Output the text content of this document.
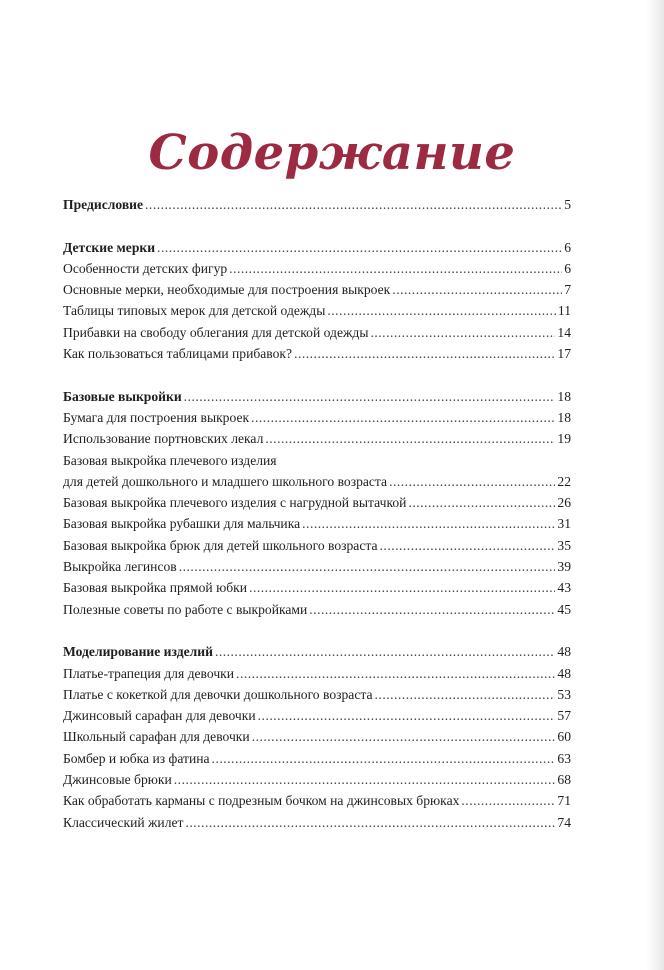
Содержание
Предисловие .....	5
Детские мерки .....	6
Особенности детских фигур .....	6
Основные мерки, необходимые для построения выкроек .....	7
Таблицы типовых мерок для детской одежды .....	11
Прибавки на свободу облегания для детской одежды .....	14
Как пользоваться таблицами прибавок? .....	17
Базовые выкройки .....	18
Бумага для построения выкроек .....	18
Использование портновских лекал .....	19
Базовая выкройка плечевого изделия
для детей дошкольного и младшего школьного возраста .....	22
Базовая выкройка плечевого изделия с нагрудной вытачкой .....	26
Базовая выкройка рубашки для мальчика .....	31
Базовая выкройка брюк для детей школьного возраста .....	35
Выкройка легинсов .....	39
Базовая выкройка прямой юбки .....	43
Полезные советы по работе с выкройками .....	45
Моделирование изделий .....	48
Платье-трапеция для девочки .....	48
Платье с кокеткой для девочки дошкольного возраста .....	53
Джинсовый сарафан для девочки .....	57
Школьный сарафан для девочки .....	60
Бомбер и юбка из фатина .....	63
Джинсовые брюки .....	68
Как обработать карманы с подрезным бочком на джинсовых брюках .....	71
Классический жилет .....	74
